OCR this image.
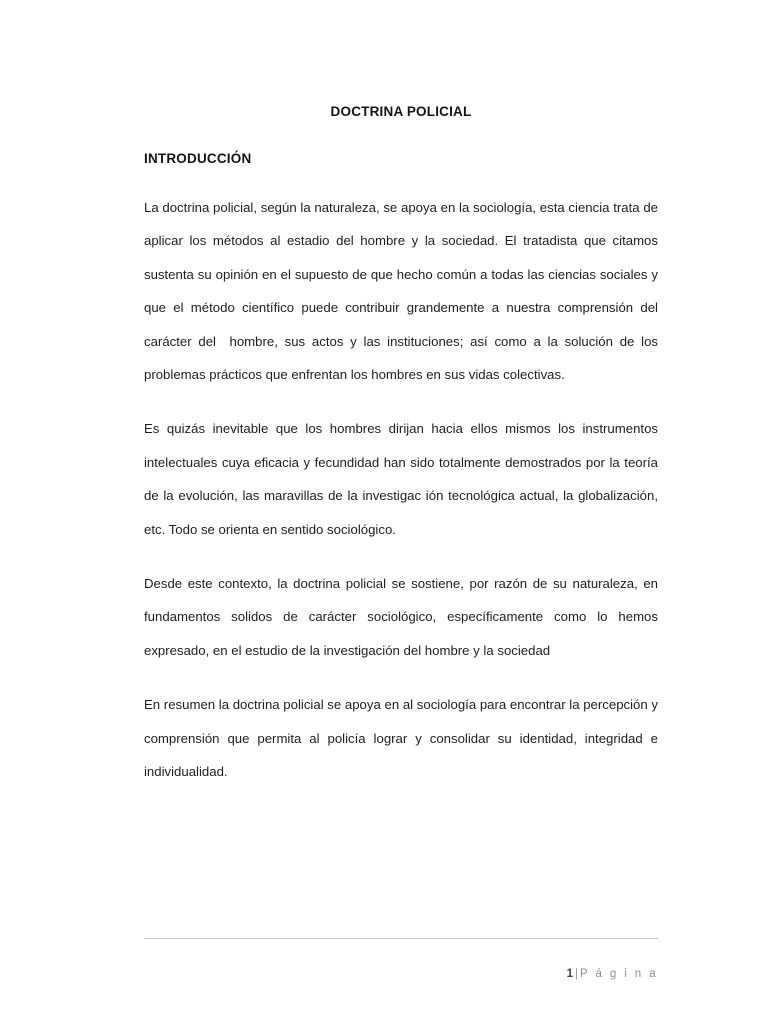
DOCTRINA POLICIAL
INTRODUCCIÓN

La doctrina policial, según la naturaleza, se apoya en la sociología, esta ciencia trata de aplicar los métodos al estadio del hombre y la sociedad. El tratadista que citamos sustenta su opinión en el supuesto de que hecho común a todas las ciencias sociales y que el método científico puede contribuir grandemente a nuestra comprensión del carácter del  hombre, sus actos y las instituciones; así como a la solución de los problemas prácticos que enfrentan los hombres en sus vidas colectivas.

Es quizás inevitable que los hombres dirijan hacia ellos mismos los instrumentos intelectuales cuya eficacia y fecundidad han sido totalmente demostrados por la teoría de la evolución, las maravillas de la investigac ión tecnológica actual, la globalización, etc. Todo se orienta en sentido sociológico.

Desde este contexto, la doctrina policial se sostiene, por razón de su naturaleza, en fundamentos solidos de carácter sociológico, específicamente como lo hemos expresado, en el estudio de la investigación del hombre y la sociedad

En resumen la doctrina policial se apoya en al sociología para encontrar la percepción y comprensión que permita al policía lograr y consolidar su identidad, integridad e individualidad.

1 | P á g i n a
